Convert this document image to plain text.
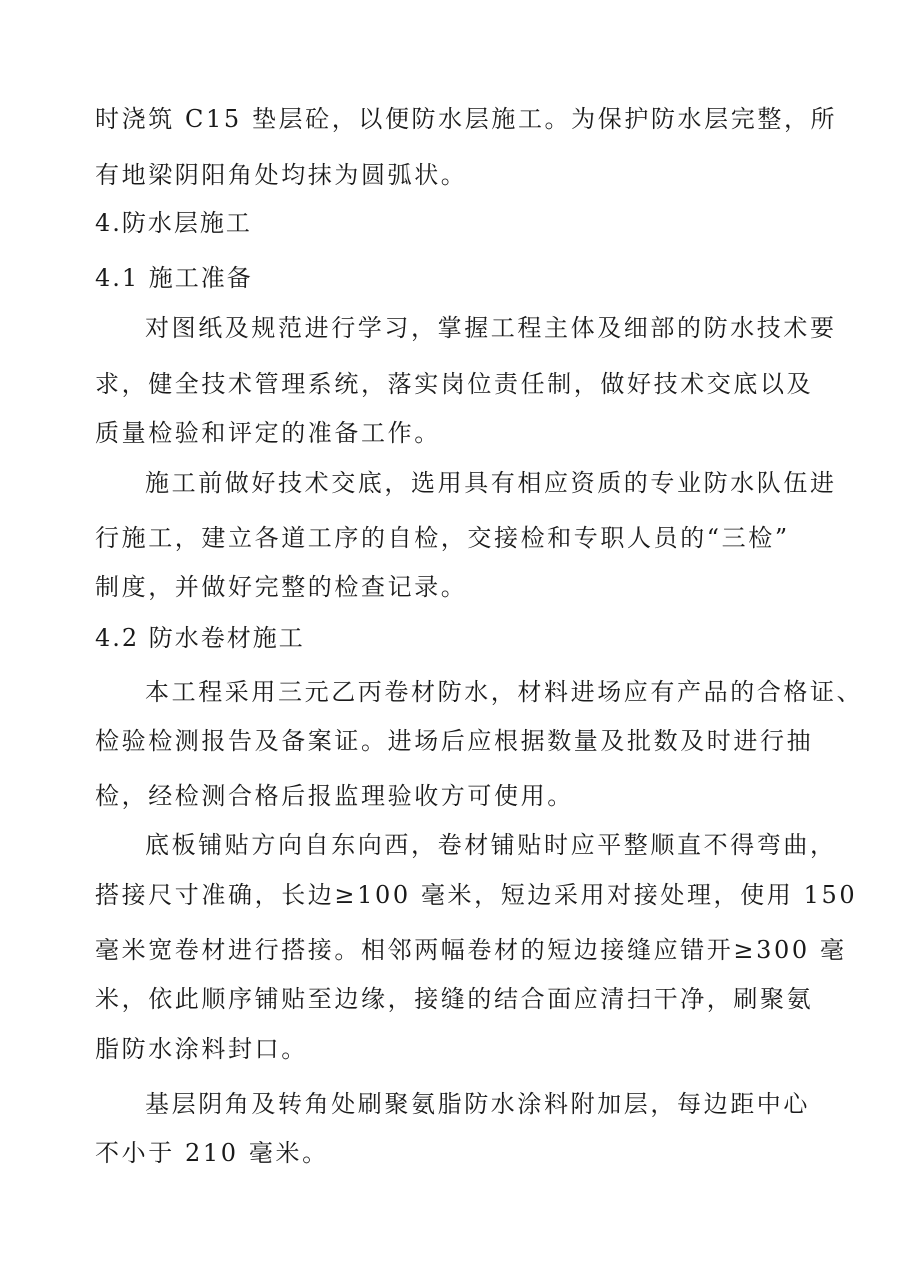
时浇筑 C15 垫层砼，以便防水层施工。为保护防水层完整，所
有地梁阴阳角处均抹为圆弧状。
4.防水层施工
4.1 施工准备
对图纸及规范进行学习，掌握工程主体及细部的防水技术要
求，健全技术管理系统，落实岗位责任制，做好技术交底以及
质量检验和评定的准备工作。
施工前做好技术交底，选用具有相应资质的专业防水队伍进
行施工，建立各道工序的自检，交接检和专职人员的“三检”
制度，并做好完整的检查记录。
4.2 防水卷材施工
本工程采用三元乙丙卷材防水，材料进场应有产品的合格证、
检验检测报告及备案证。进场后应根据数量及批数及时进行抽
检，经检测合格后报监理验收方可使用。
底板铺贴方向自东向西，卷材铺贴时应平整顺直不得弯曲，
搭接尺寸准确，长边≥100 毫米，短边采用对接处理，使用 150
毫米宽卷材进行搭接。相邻两幅卷材的短边接缝应错开≥300 毫
米，依此顺序铺贴至边缘，接缝的结合面应清扫干净，刷聚氨
脂防水涂料封口。
基层阴角及转角处刷聚氨脂防水涂料附加层，每边距中心
不小于 210 毫米。
